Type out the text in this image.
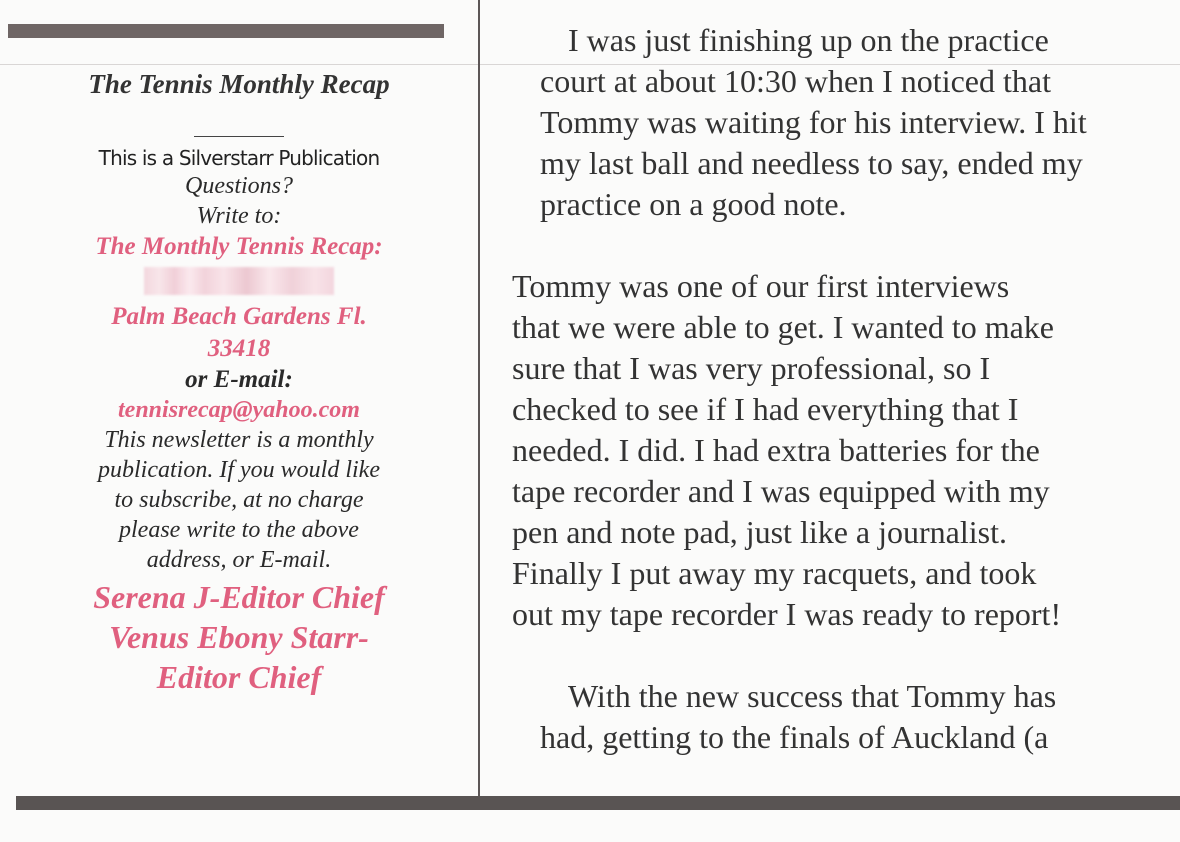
The Tennis Monthly Recap
This is a Silverstarr Publication
Questions?
Write to:
The Monthly Tennis Recap:
Palm Beach Gardens Fl.
33418
or E-mail:
tennisrecap@yahoo.com
This newsletter is a monthly
publication. If you would like
to subscribe, at no charge
please write to the above
address, or E-mail.
Serena J-Editor Chief
Venus Ebony Starr-
Editor Chief

I was just finishing up on the practice
court at about 10:30 when I noticed that
Tommy was waiting for his interview. I hit
my last ball and needless to say, ended my
practice on a good note.

Tommy was one of our first interviews
that we were able to get. I wanted to make
sure that I was very professional, so I
checked to see if I had everything that I
needed. I did. I had extra batteries for the
tape recorder and I was equipped with my
pen and note pad, just like a journalist.
Finally I put away my racquets, and took
out my tape recorder I was ready to report!

With the new success that Tommy has
had, getting to the finals of Auckland (a
